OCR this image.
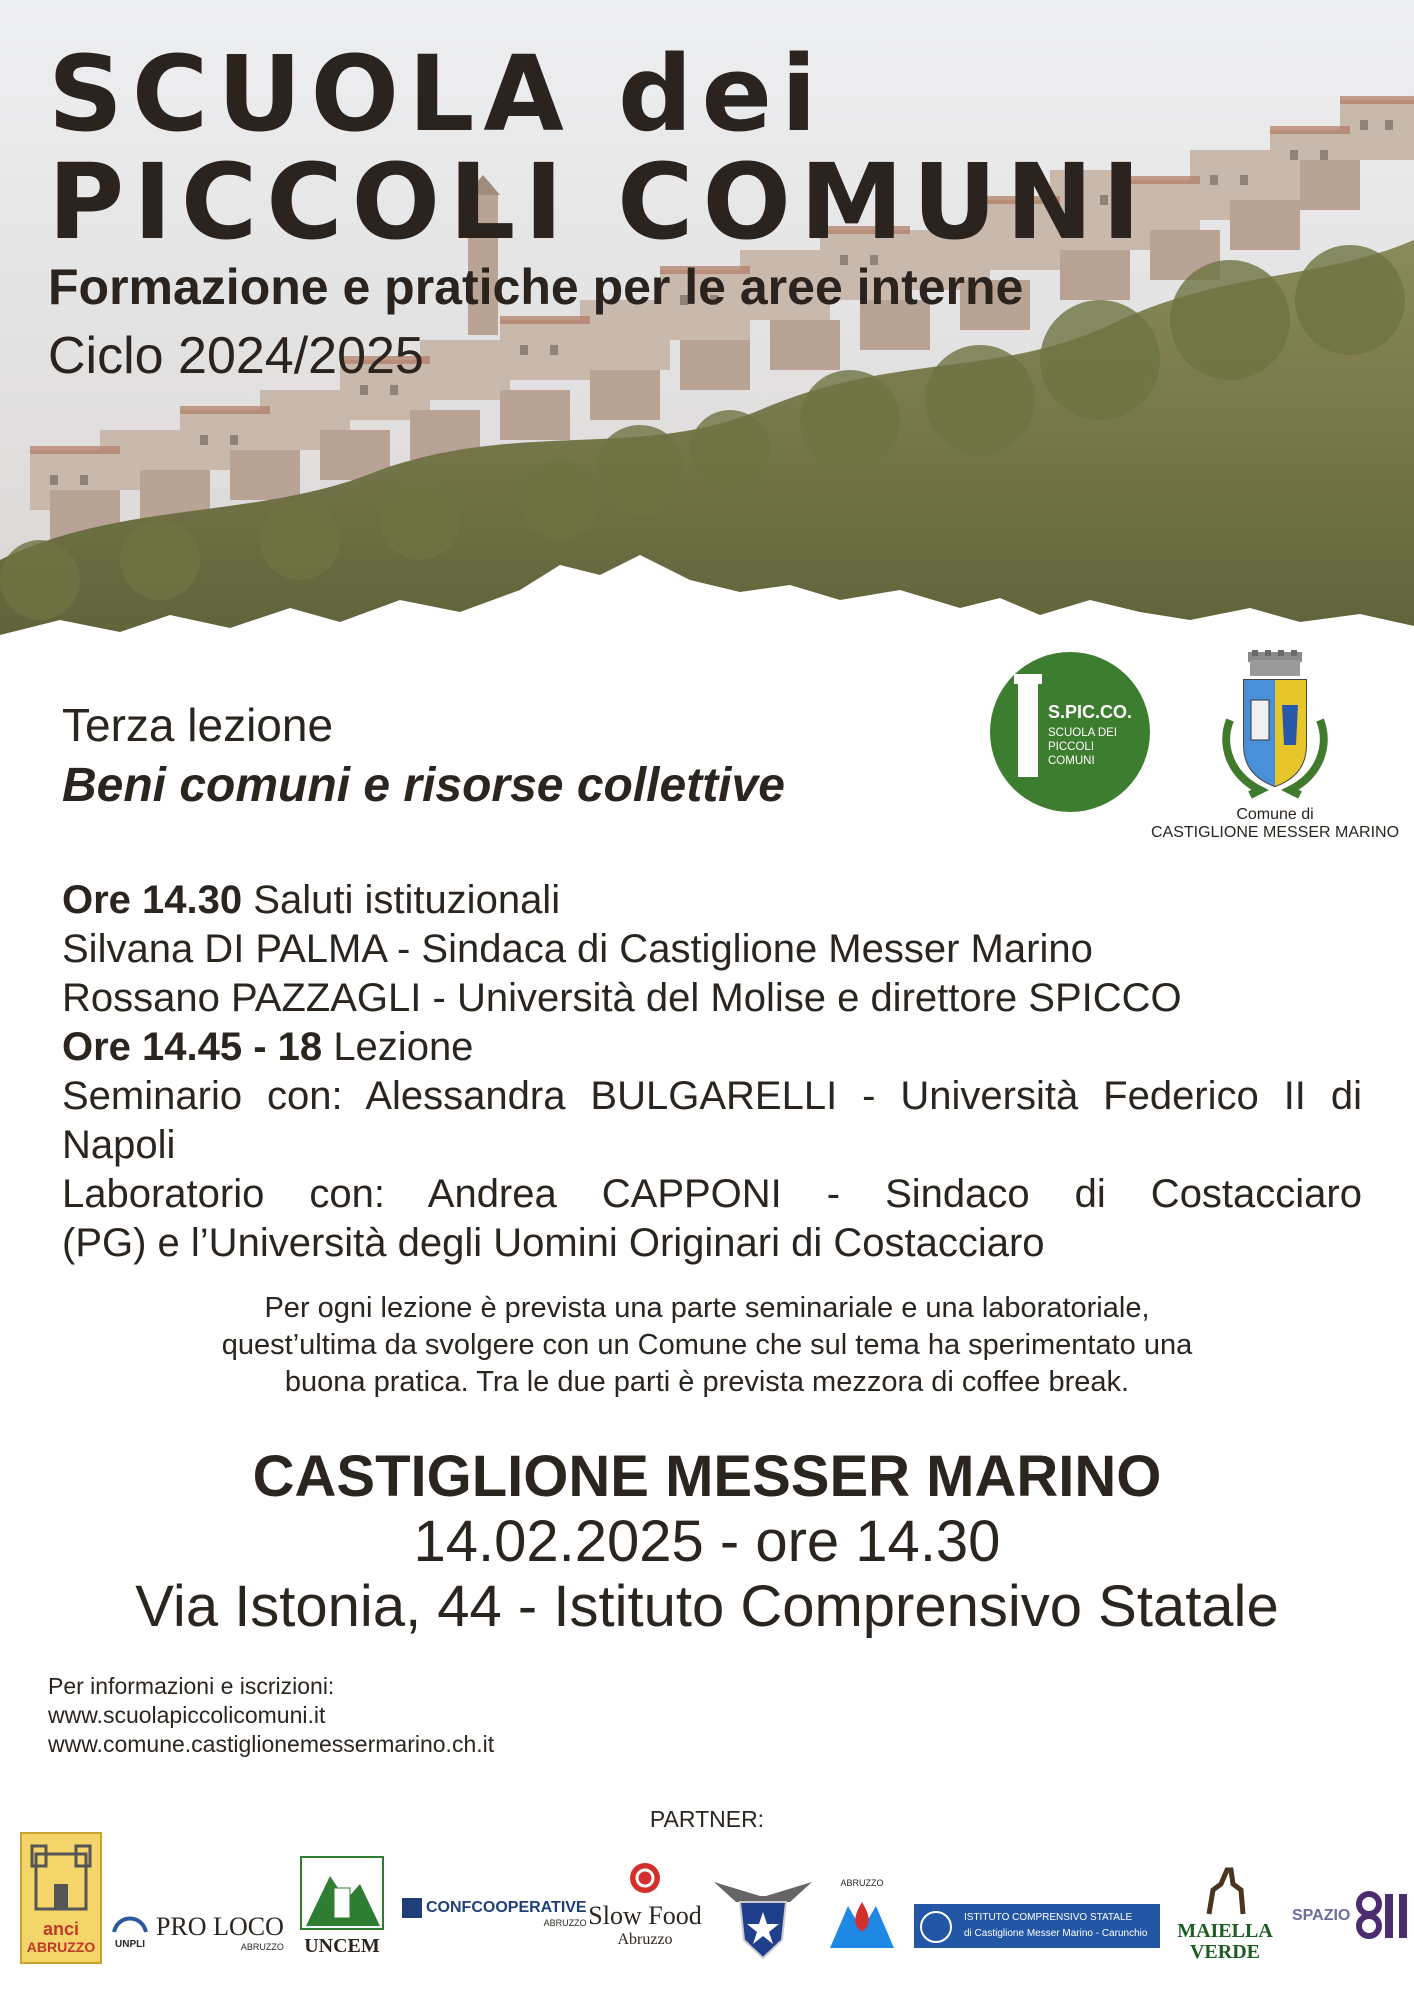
SCUOLA dei
PICCOLI COMUNI
Formazione e pratiche per le aree interne
Ciclo 2024/2025
Terza lezione
Beni comuni e risorse collettive
S.PIC.CO.
SCUOLA DEI PICCOLI COMUNI
Comune di
CASTIGLIONE MESSER MARINO

Ore 14.30 Saluti istituzionali

Silvana DI PALMA - Sindaca di Castiglione Messer Marino

Rossano PAZZAGLI - Università del Molise e direttore SPICCO

Ore 14.45 - 18 Lezione

Seminario con: Alessandra BULGARELLI - Università Federico II di

Napoli

Laboratorio con: Andrea CAPPONI - Sindaco di Costacciaro

(PG) e l’Università degli Uomini Originari di Costacciaro

Per ogni lezione è prevista una parte seminariale e una laboratoriale,
quest’ultima da svolgere con un Comune che sul tema ha sperimentato una
buona pratica. Tra le due parti è prevista mezzora di coffee break.
CASTIGLIONE MESSER MARINO
14.02.2025 - ore 14.30
Via Istonia, 44 - Istituto Comprensivo Statale
Per informazioni e iscrizioni:
www.scuolapiccolicomuni.it
www.comune.castiglionemessermarino.ch.it
PARTNER:
anci
ABRUZZO	UNPLI
PRO LOCO
ABRUZZO	UNCEM
CONFCOOPERATIVE
ABRUZZO Slow Food
Abruzzo
ABRUZZO
ISTITUTO COMPRENSIVO STATALE
di Castiglione Messer Marino - Carunchio	MAIELLA
VERDE
SPAZIO
